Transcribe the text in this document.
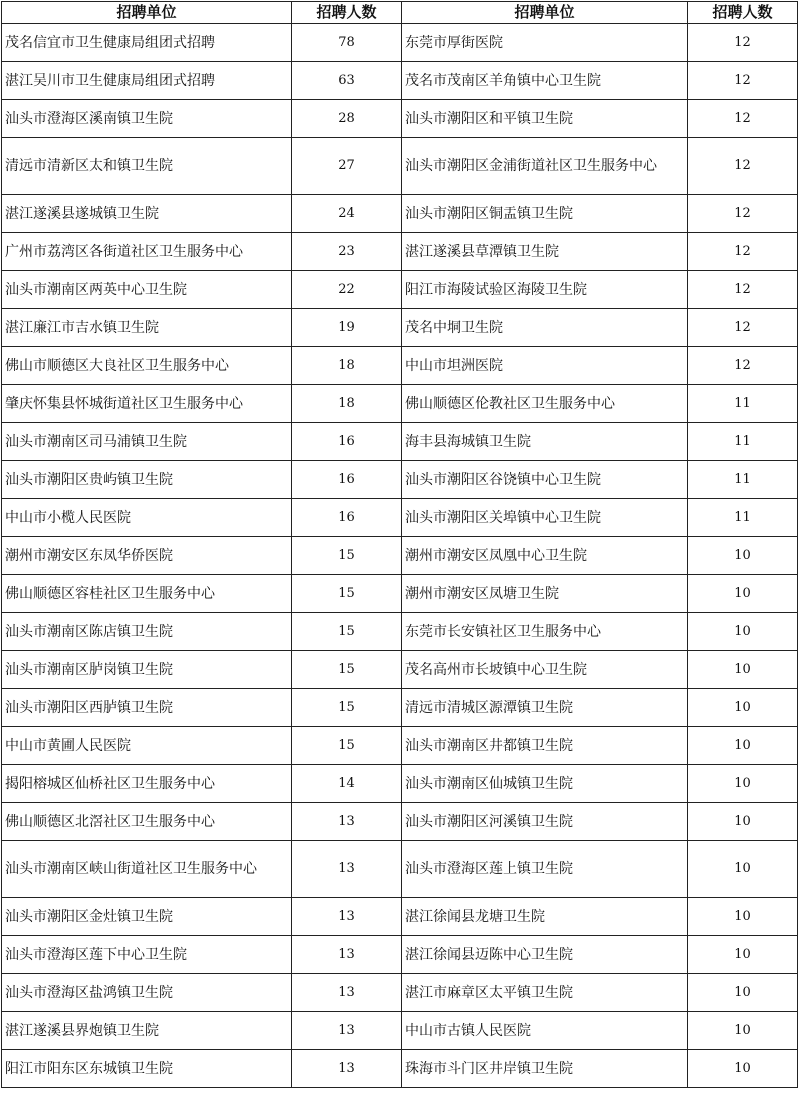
招聘单位	招聘人数	招聘单位	招聘人数
茂名信宜市卫生健康局组团式招聘	78	东莞市厚街医院	12
湛江吴川市卫生健康局组团式招聘	63	茂名市茂南区羊角镇中心卫生院	12
汕头市澄海区溪南镇卫生院	28	汕头市潮阳区和平镇卫生院	12
清远市清新区太和镇卫生院	27	汕头市潮阳区金浦街道社区卫生服务中心	12
湛江遂溪县遂城镇卫生院	24	汕头市潮阳区铜盂镇卫生院	12
广州市荔湾区各街道社区卫生服务中心	23	湛江遂溪县草潭镇卫生院	12
汕头市潮南区两英中心卫生院	22	阳江市海陵试验区海陵卫生院	12
湛江廉江市吉水镇卫生院	19	茂名中垌卫生院	12
佛山市顺德区大良社区卫生服务中心	18	中山市坦洲医院	12
肇庆怀集县怀城街道社区卫生服务中心	18	佛山顺德区伦教社区卫生服务中心	11
汕头市潮南区司马浦镇卫生院	16	海丰县海城镇卫生院	11
汕头市潮阳区贵屿镇卫生院	16	汕头市潮阳区谷饶镇中心卫生院	11
中山市小榄人民医院	16	汕头市潮阳区关埠镇中心卫生院	11
潮州市潮安区东凤华侨医院	15	潮州市潮安区凤凰中心卫生院	10
佛山顺德区容桂社区卫生服务中心	15	潮州市潮安区凤塘卫生院	10
汕头市潮南区陈店镇卫生院	15	东莞市长安镇社区卫生服务中心	10
汕头市潮南区胪岗镇卫生院	15	茂名高州市长坡镇中心卫生院	10
汕头市潮阳区西胪镇卫生院	15	清远市清城区源潭镇卫生院	10
中山市黄圃人民医院	15	汕头市潮南区井都镇卫生院	10
揭阳榕城区仙桥社区卫生服务中心	14	汕头市潮南区仙城镇卫生院	10
佛山顺德区北滘社区卫生服务中心	13	汕头市潮阳区河溪镇卫生院	10
汕头市潮南区峡山街道社区卫生服务中心	13	汕头市澄海区莲上镇卫生院	10
汕头市潮阳区金灶镇卫生院	13	湛江徐闻县龙塘卫生院	10
汕头市澄海区莲下中心卫生院	13	湛江徐闻县迈陈中心卫生院	10
汕头市澄海区盐鸿镇卫生院	13	湛江市麻章区太平镇卫生院	10
湛江遂溪县界炮镇卫生院	13	中山市古镇人民医院	10
阳江市阳东区东城镇卫生院	13	珠海市斗门区井岸镇卫生院	10
